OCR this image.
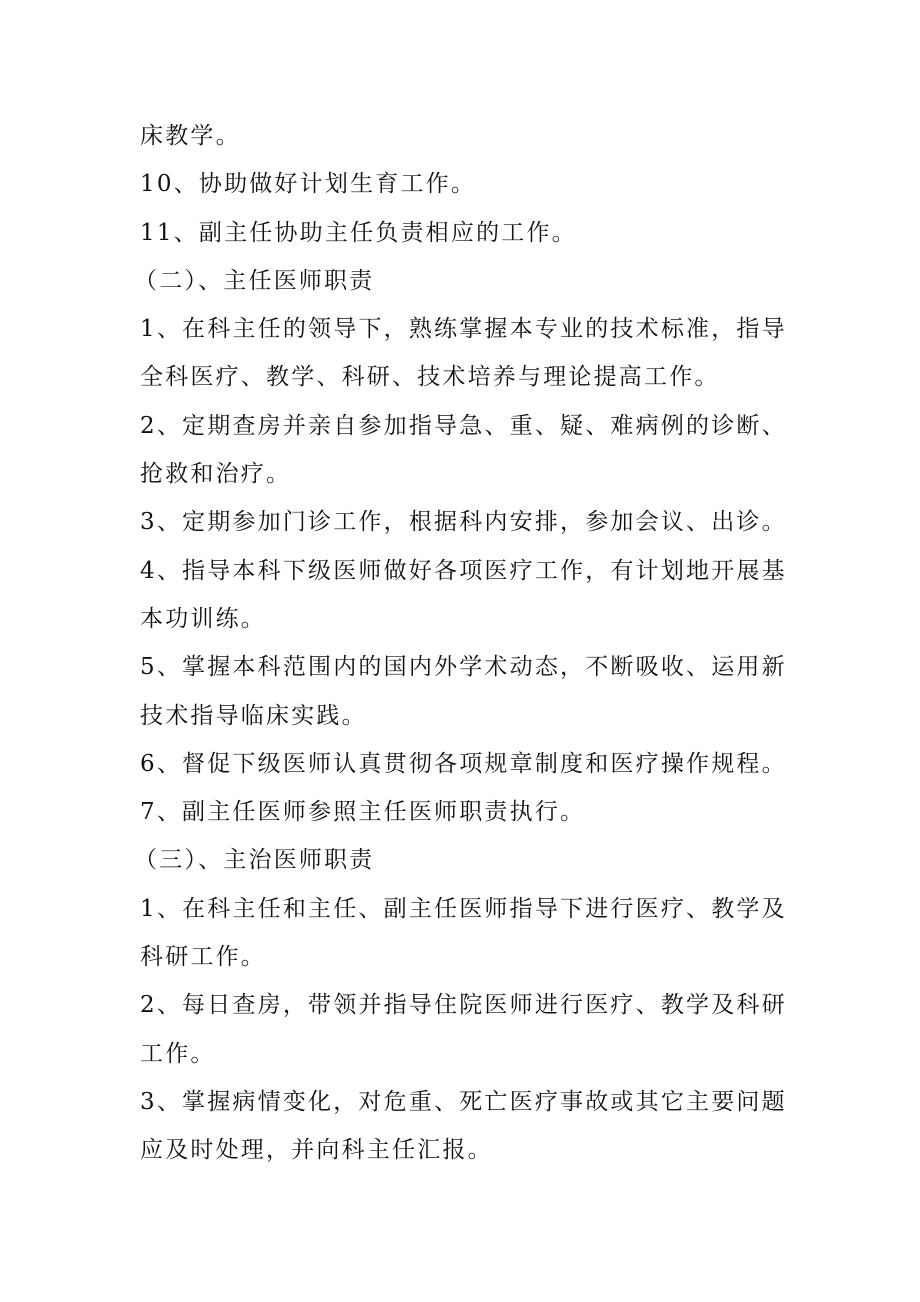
床教学。
10、协助做好计划生育工作。
11、副主任协助主任负责相应的工作。
（二）、主任医师职责
1、在科主任的领导下，熟练掌握本专业的技术标准，指导
全科医疗、教学、科研、技术培养与理论提高工作。
2、定期查房并亲自参加指导急、重、疑、难病例的诊断、
抢救和治疗。
3、定期参加门诊工作，根据科内安排，参加会议、出诊。
4、指导本科下级医师做好各项医疗工作，有计划地开展基
本功训练。
5、掌握本科范围内的国内外学术动态，不断吸收、运用新
技术指导临床实践。
6、督促下级医师认真贯彻各项规章制度和医疗操作规程。
7、副主任医师参照主任医师职责执行。
（三）、主治医师职责
1、在科主任和主任、副主任医师指导下进行医疗、教学及
科研工作。
2、每日查房，带领并指导住院医师进行医疗、教学及科研
工作。
3、掌握病情变化，对危重、死亡医疗事故或其它主要问题
应及时处理，并向科主任汇报。
